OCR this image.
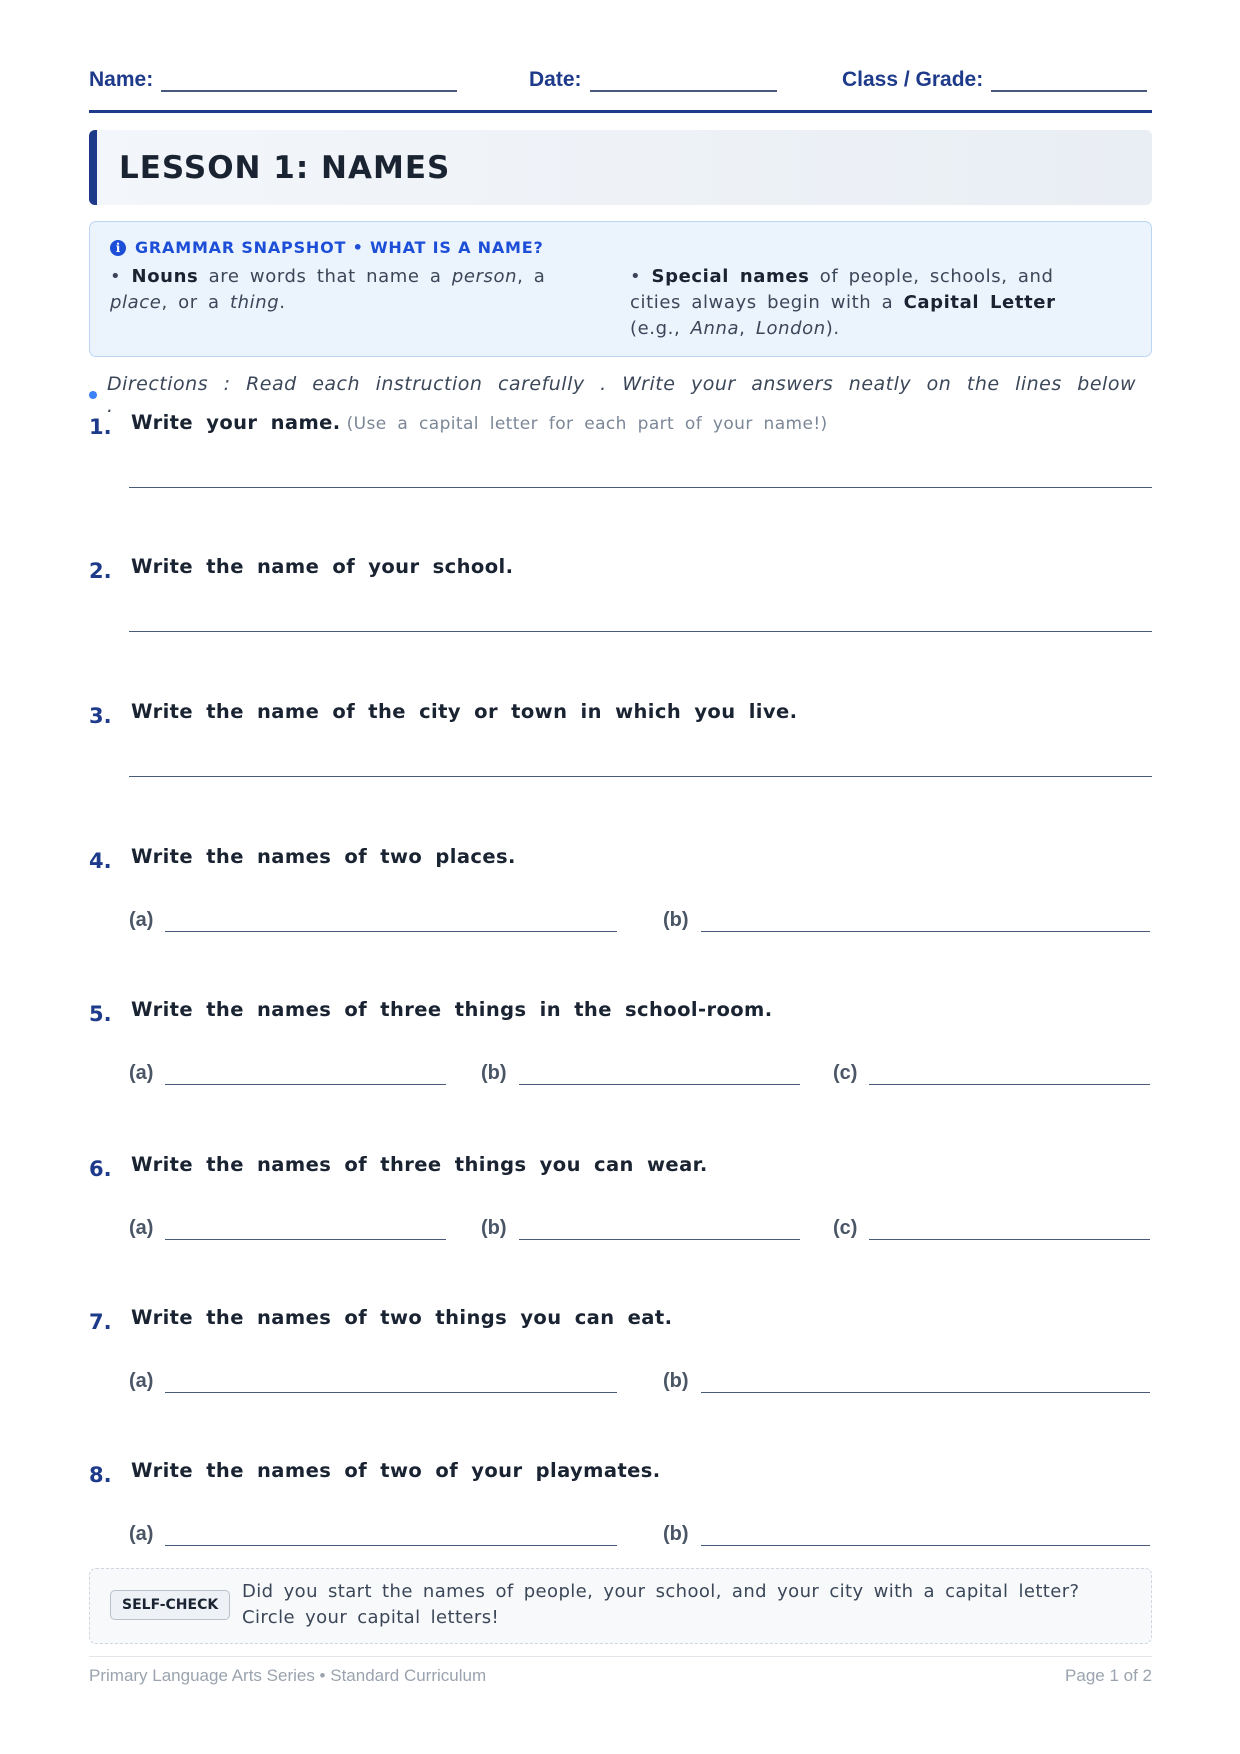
Name:	Date:	Class / Grade:
LESSON 1: NAMES
i GRAMMAR SNAPSHOT • WHAT IS A NAME?
• Nouns are words that name a person, a place, or a thing.
• Special names of people, schools, and cities always begin with a Capital Letter (e.g., Anna, London).
Directions : Read each instruction carefully . Write your answers neatly on the lines below .
1. Write your name. (Use a capital letter for each part of your name!)
2. Write the name of your school.
3. Write the name of the city or town in which you live.
4. Write the names of two places.
(a)	(b)
5. Write the names of three things in the school-room.
(a)	(b)	(c)
6. Write the names of three things you can wear.
(a)	(b)	(c)
7. Write the names of two things you can eat.
(a)	(b)
8. Write the names of two of your playmates.
(a)	(b)
SELF-CHECK
Did you start the names of people, your school, and your city with a capital letter? Circle your capital letters!
Primary Language Arts Series • Standard Curriculum	Page 1 of 2
